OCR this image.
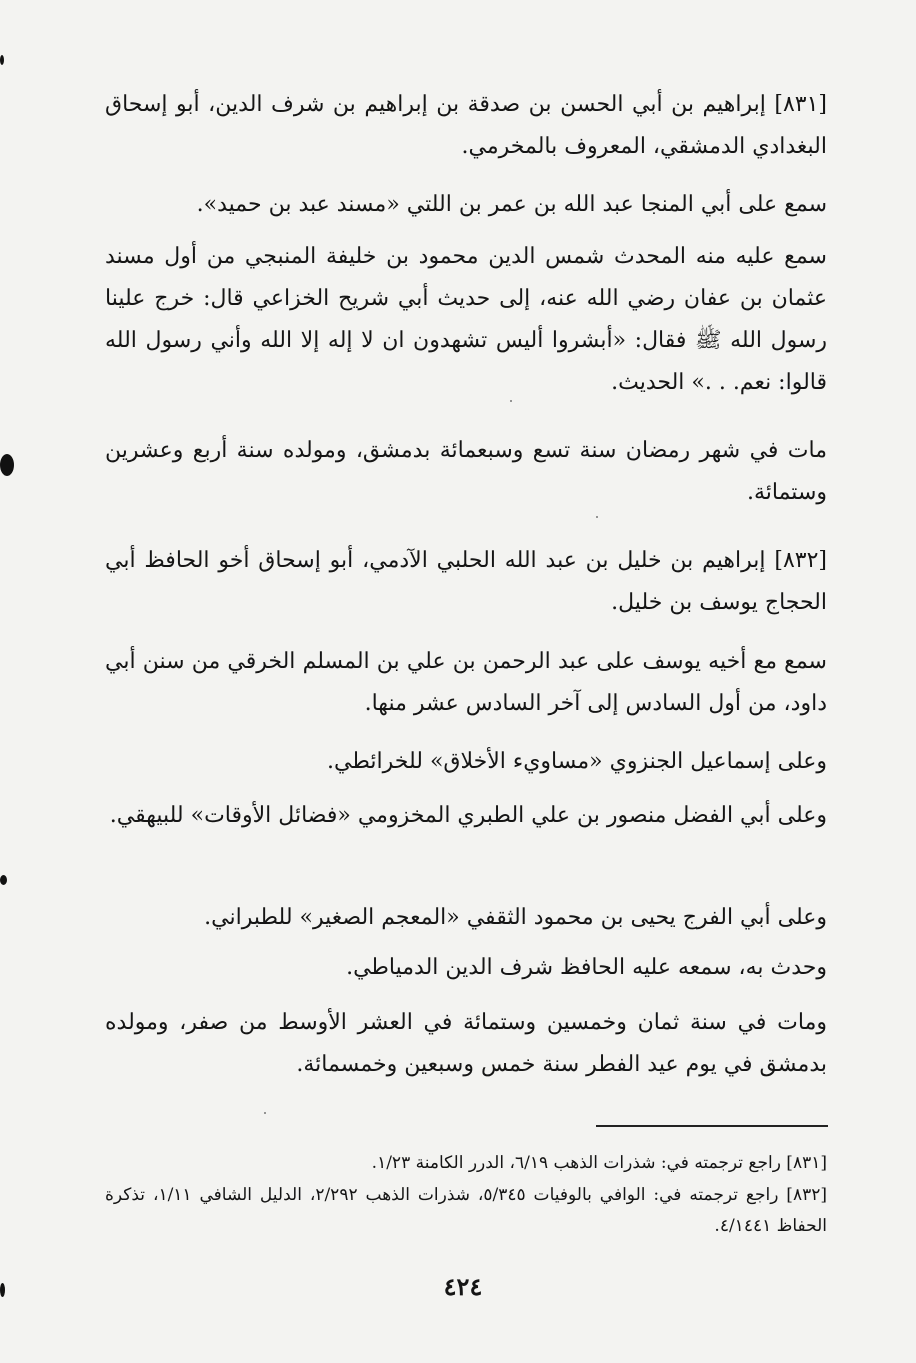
[٨٣١] إبراهيم بن أبي الحسن بن صدقة بن إبراهيم بن شرف الدين، أبو إسحاق البغدادي الدمشقي، المعروف بالمخرمي.

سمع على أبي المنجا عبد الله بن عمر بن اللتي «مسند عبد بن حميد».

سمع عليه منه المحدث شمس الدين محمود بن خليفة المنبجي من أول مسند عثمان بن عفان رضي الله عنه، إلى حديث أبي شريح الخزاعي قال: خرج علينا رسول الله ﷺ فقال: «أبشروا أليس تشهدون ان لا إله إلا الله وأني رسول الله قالوا: نعم. . .» الحديث.

مات في شهر رمضان سنة تسع وسبعمائة بدمشق، ومولده سنة أربع وعشرين وستمائة.

[٨٣٢] إبراهيم بن خليل بن عبد الله الحلبي الآدمي، أبو إسحاق أخو الحافظ أبي الحجاج يوسف بن خليل.

سمع مع أخيه يوسف على عبد الرحمن بن علي بن المسلم الخرقي من سنن أبي داود، من أول السادس إلى آخر السادس عشر منها.

وعلى إسماعيل الجنزوي «مساويء الأخلاق» للخرائطي.

وعلى أبي الفضل منصور بن علي الطبري المخزومي «فضائل الأوقات» للبيهقي.

وعلى أبي الفرج يحيى بن محمود الثقفي «المعجم الصغير» للطبراني.

وحدث به، سمعه عليه الحافظ شرف الدين الدمياطي.

ومات في سنة ثمان وخمسين وستمائة في العشر الأوسط من صفر، ومولده بدمشق في يوم عيد الفطر سنة خمس وسبعين وخمسمائة.

[٨٣١] راجع ترجمته في: شذرات الذهب ٦/١٩، الدرر الكامنة ١/٢٣.

[٨٣٢] راجع ترجمته في: الوافي بالوفيات ٥/٣٤٥، شذرات الذهب ٢/٢٩٢، الدليل الشافي ١/١١، تذكرة الحفاظ ٤/١٤٤١.

٤٢٤
